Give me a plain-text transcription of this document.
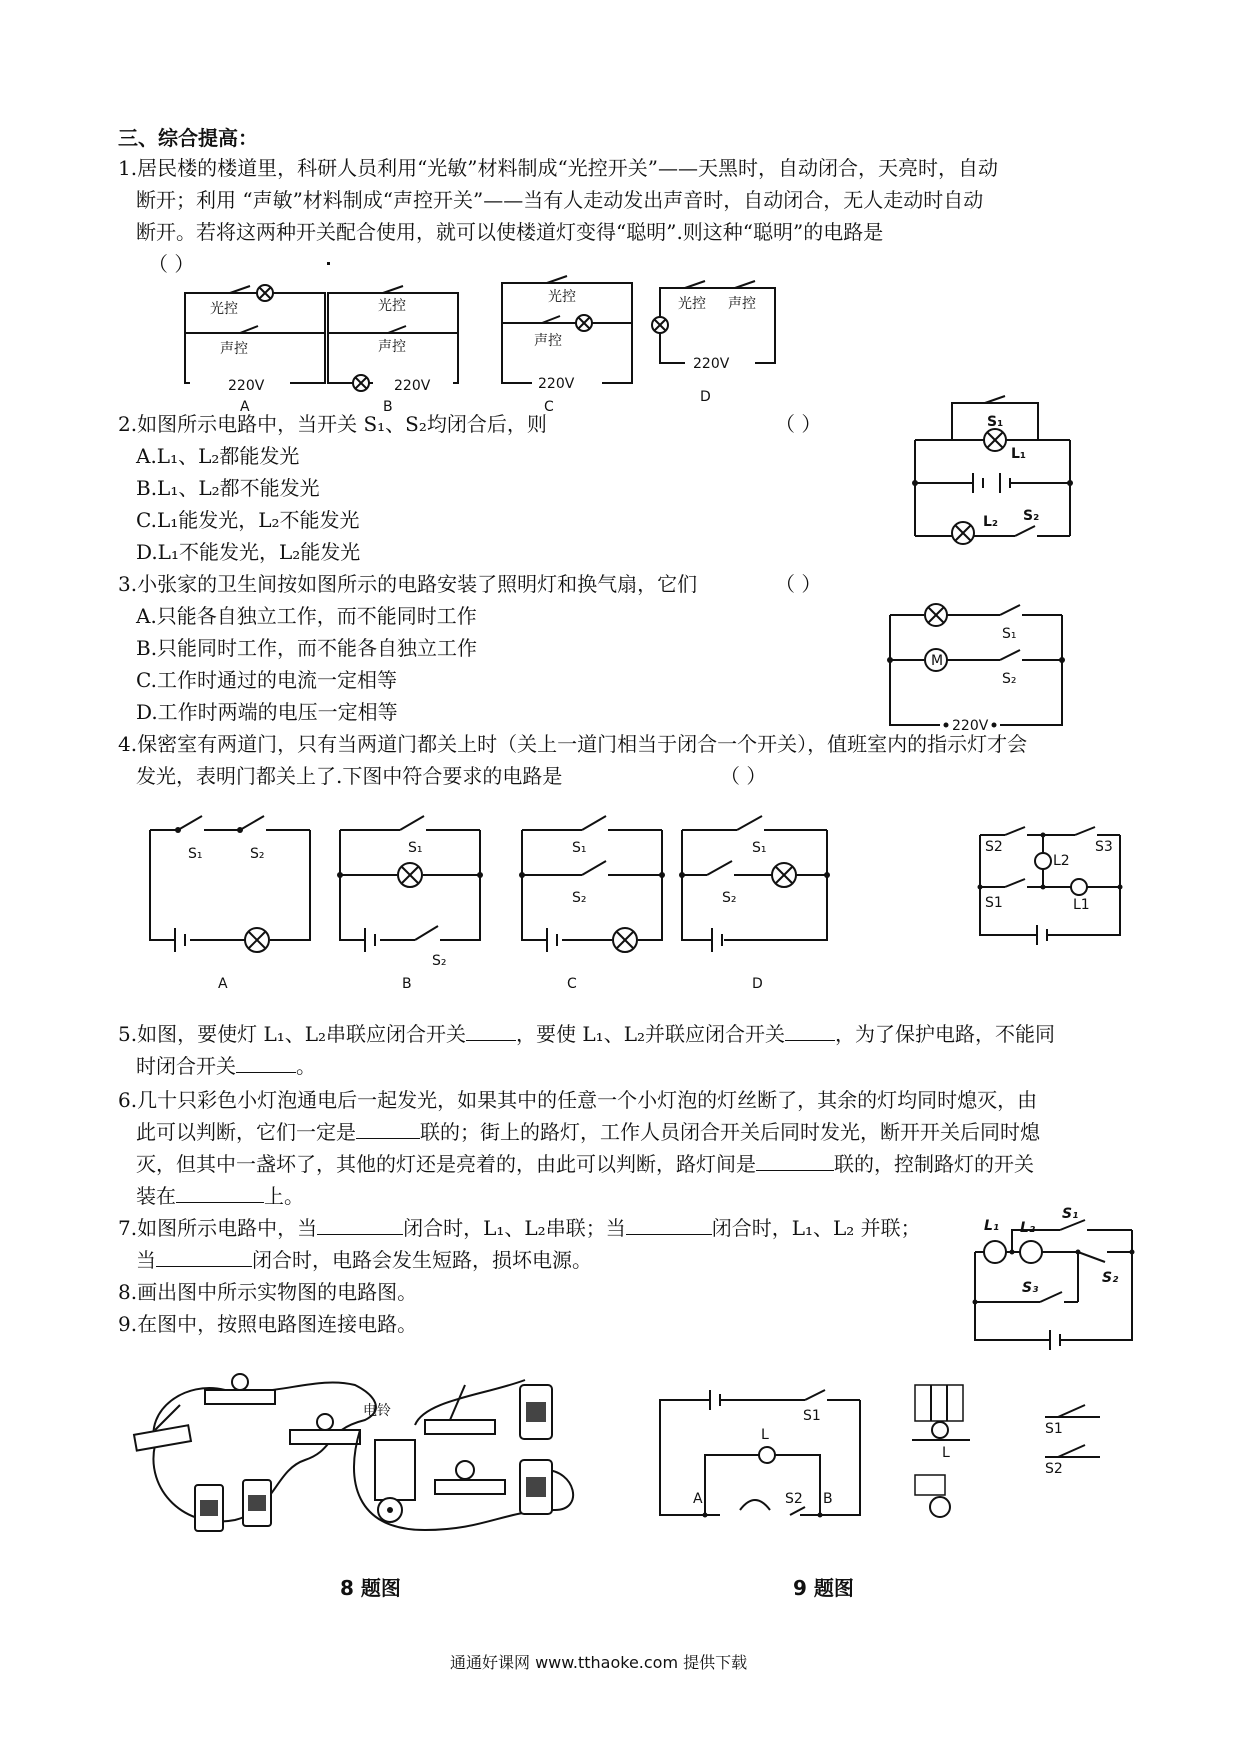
三、综合提高：
1.居民楼的楼道里，科研人员利用“光敏”材料制成“光控开关”——天黑时，自动闭合，天亮时，自动
断开；利用 “声敏”材料制成“声控开关”——当有人走动发出声音时，自动闭合，无人走动时自动
断开。若将这两种开关配合使用，就可以使楼道灯变得“聪明”.则这种“聪明”的电路是
（ ）
光控
声控
220V
A
光控
声控
220V
B
光控
声控
220V
C
光控 声控
220V
D
2.如图所示电路中，当开关 S₁、S₂均闭合后，则	（ ）
A.L₁、L₂都能发光
B.L₁、L₂都不能发光
C.L₁能发光，L₂不能发光
D.L₁不能发光，L₂能发光
S₁
L₁
L₂ S₂
3.小张家的卫生间按如图所示的电路安装了照明灯和换气扇，它们	（ ）
A.只能各自独立工作，而不能同时工作
B.只能同时工作，而不能各自独立工作
C.工作时通过的电流一定相等
D.工作时两端的电压一定相等
M
S₁
S₂
220V
4.保密室有两道门，只有当两道门都关上时（关上一道门相当于闭合一个开关），值班室内的指示灯才会
发光，表明门都关上了.下图中符合要求的电路是	（ ）
S₁	S₂
A
S₁
S₂
B
S₁
S₂
C
S₁
S₂
D
S2	S3
L2
S1	L1
5.如图，要使灯 L₁、L₂串联应闭合开关	，要使 L₁、L₂并联应闭合开关	，为了保护电路，不能同
时闭合开关	。
6.几十只彩色小灯泡通电后一起发光，如果其中的任意一个小灯泡的灯丝断了，其余的灯均同时熄灭，由
此可以判断，它们一定是	联的；街上的路灯，工作人员闭合开关后同时发光，断开开关后同时熄
灭，但其中一盏坏了，其他的灯还是亮着的，由此可以判断，路灯间是	联的，控制路灯的开关
装在	上。
7.如图所示电路中，当	闭合时，L₁、L₂串联；当	闭合时，L₁、L₂ 并联；
当	闭合时，电路会发生短路，损坏电源。
L₁ L₂
S₁
S₂
S₃
8.画出图中所示实物图的电路图。
9.在图中，按照电路图连接电路。
电铃
8 题图
S1
L
A	B
S2
L
S1
S2
9 题图
通通好课网 www.tthaoke.com 提供下载
